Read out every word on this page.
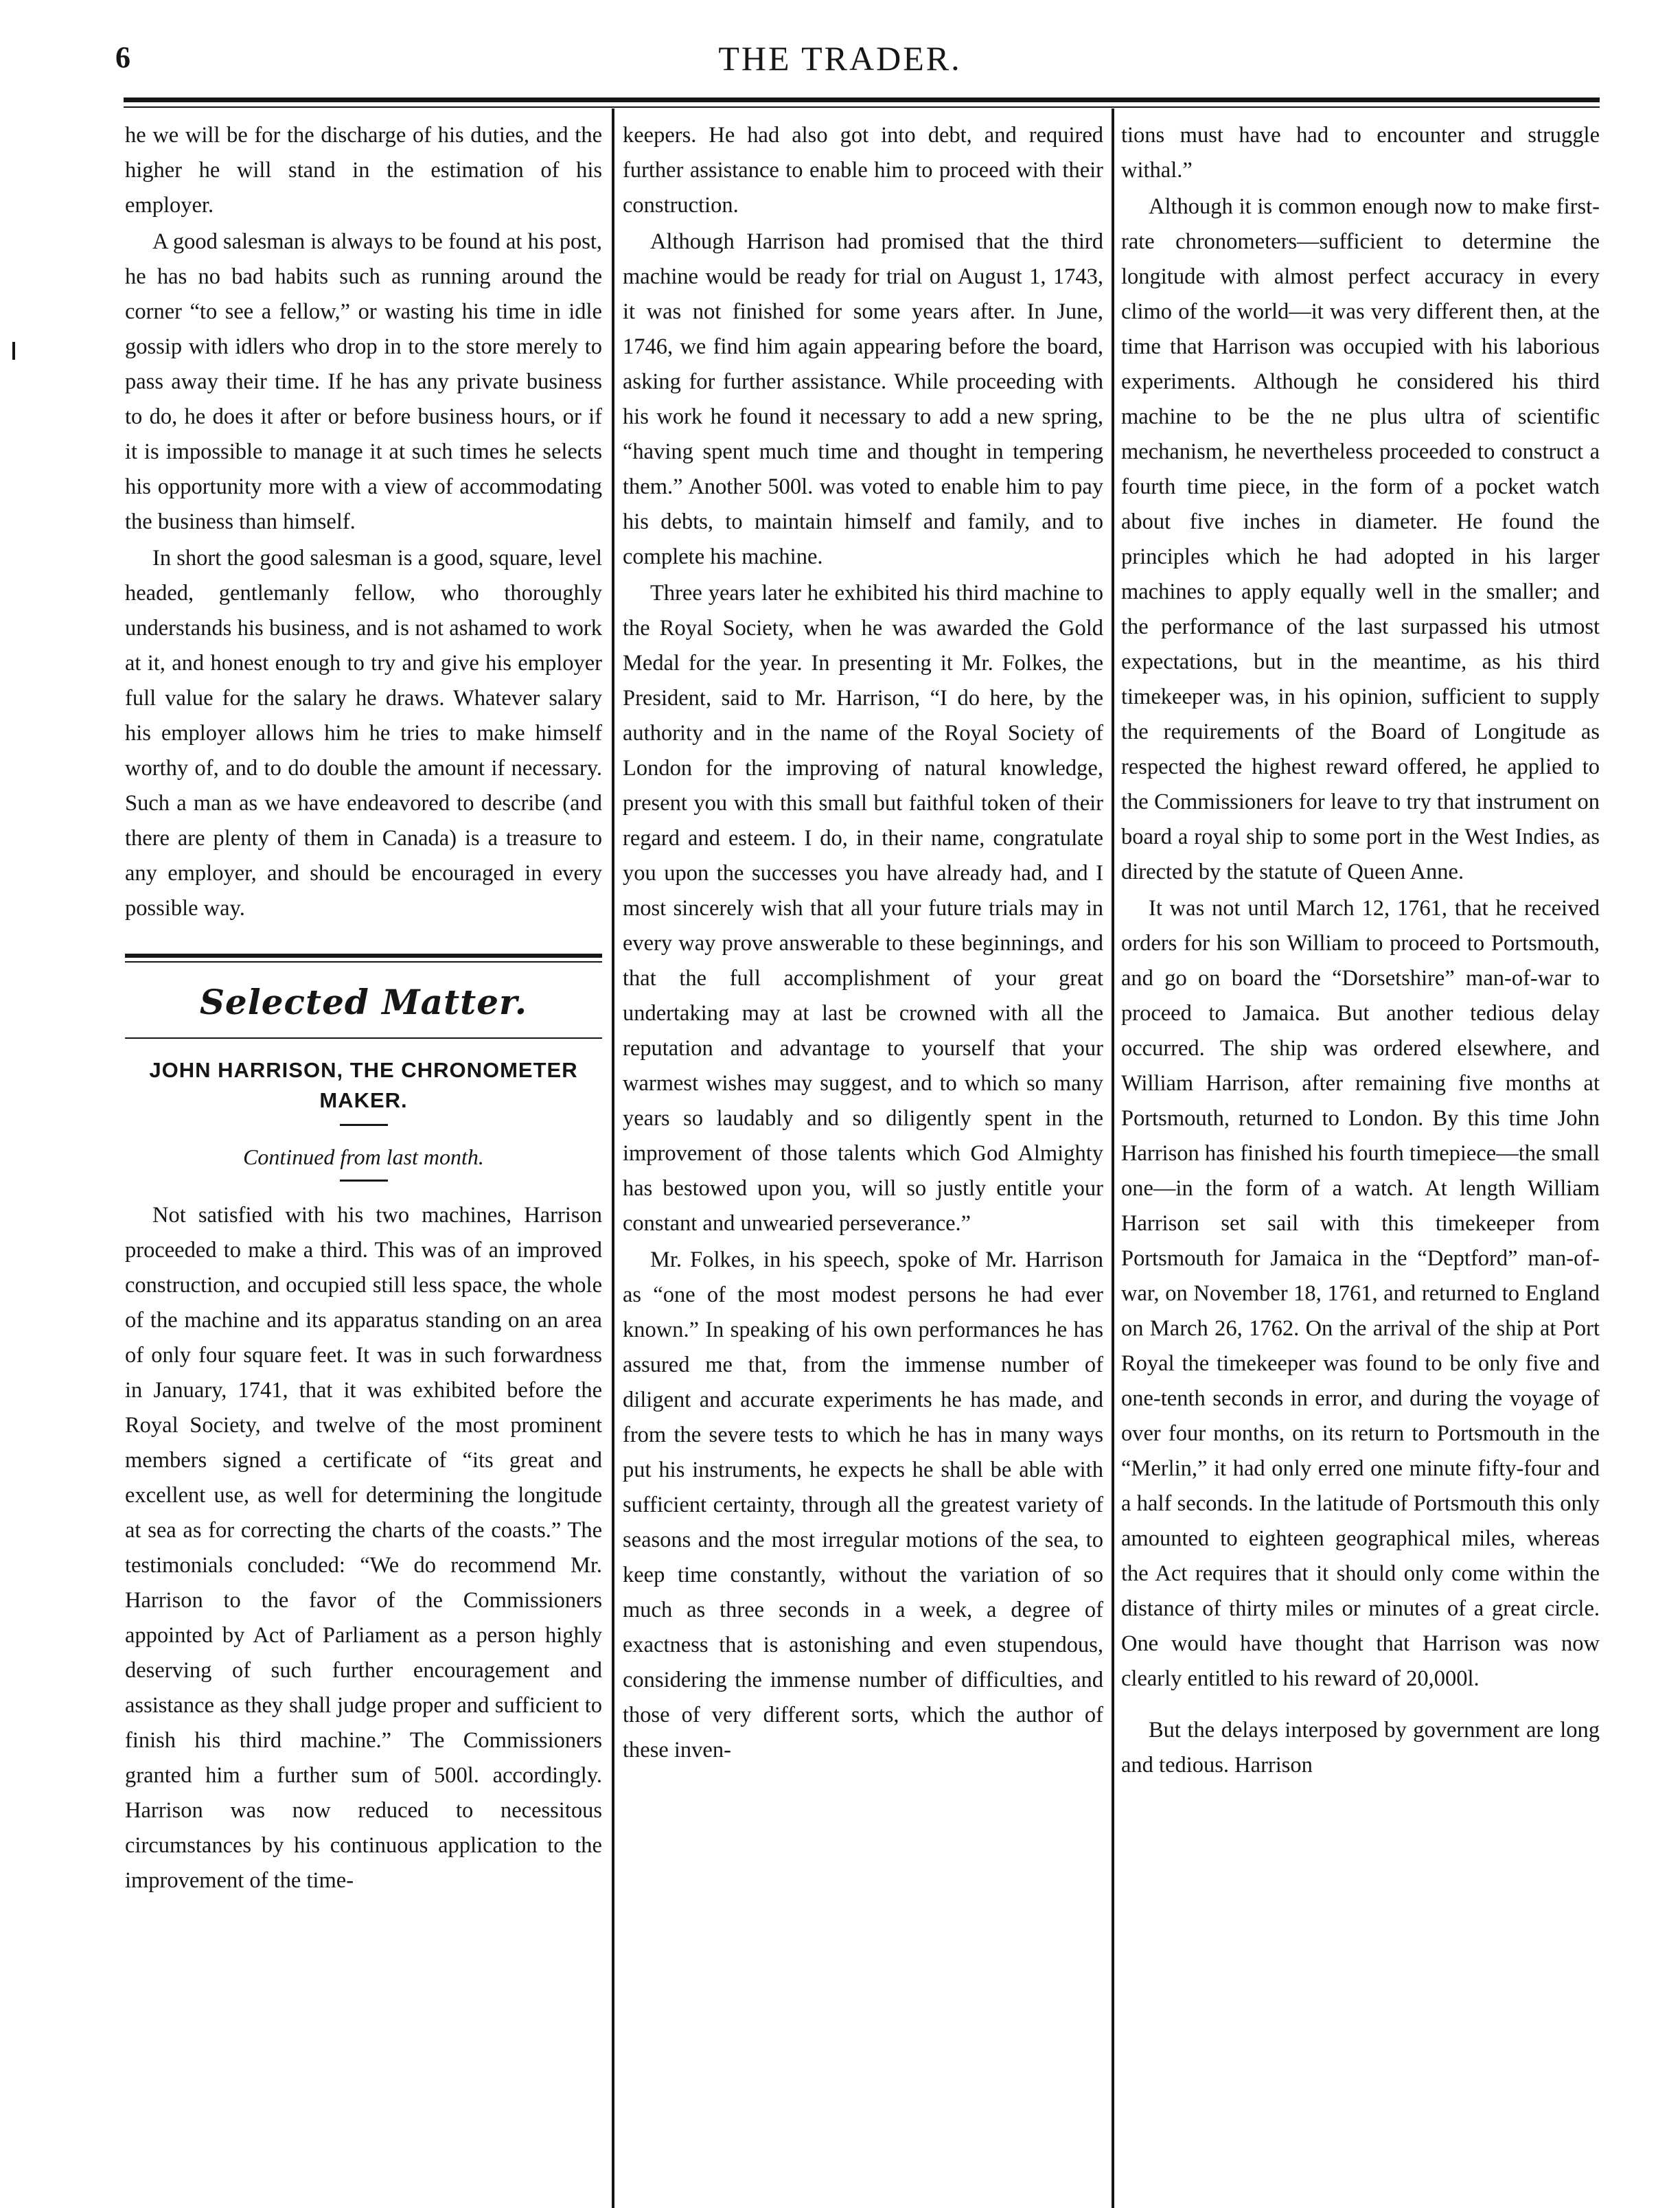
6	THE TRADER.

he we will be for the discharge of his duties, and the higher he will stand in the estimation of his employer.

A good salesman is always to be found at his post, he has no bad habits such as running around the corner “to see a fellow,” or wasting his time in idle gossip with idlers who drop in to the store merely to pass away their time. If he has any private business to do, he does it after or before business hours, or if it is impossible to manage it at such times he selects his opportunity more with a view of accommodating the business than himself.

In short the good salesman is a good, square, level headed, gentlemanly fellow, who thoroughly understands his business, and is not ashamed to work at it, and honest enough to try and give his employer full value for the salary he draws. Whatever salary his employer allows him he tries to make himself worthy of, and to do double the amount if necessary. Such a man as we have endeavored to describe (and there are plenty of them in Canada) is a treasure to any employer, and should be encouraged in every possible way.

Selected Matter.
JOHN HARRISON, THE CHRONOMETER MAKER.
Continued from last month.

Not satisfied with his two machines, Harrison proceeded to make a third. This was of an improved construction, and occupied still less space, the whole of the machine and its apparatus standing on an area of only four square feet. It was in such forwardness in January, 1741, that it was exhibited before the Royal Society, and twelve of the most prominent members signed a certificate of “its great and excellent use, as well for determining the longitude at sea as for correcting the charts of the coasts.” The testimonials concluded: “We do recommend Mr. Harrison to the favor of the Commissioners appointed by Act of Parliament as a person highly deserving of such further encouragement and assistance as they shall judge proper and sufficient to finish his third machine.” The Commissioners granted him a further sum of 500l. accordingly. Harrison was now reduced to necessitous circumstances by his continuous application to the improvement of the time-

keepers. He had also got into debt, and required further assistance to enable him to proceed with their construction.

Although Harrison had promised that the third machine would be ready for trial on August 1, 1743, it was not finished for some years after. In June, 1746, we find him again appearing before the board, asking for further assistance. While proceeding with his work he found it necessary to add a new spring, “having spent much time and thought in tempering them.” Another 500l. was voted to enable him to pay his debts, to maintain himself and family, and to complete his machine.

Three years later he exhibited his third machine to the Royal Society, when he was awarded the Gold Medal for the year. In presenting it Mr. Folkes, the President, said to Mr. Harrison, “I do here, by the authority and in the name of the Royal Society of London for the improving of natural knowledge, present you with this small but faithful token of their regard and esteem. I do, in their name, congratulate you upon the successes you have already had, and I most sincerely wish that all your future trials may in every way prove answerable to these beginnings, and that the full accomplishment of your great undertaking may at last be crowned with all the reputation and advantage to yourself that your warmest wishes may suggest, and to which so many years so laudably and so diligently spent in the improvement of those talents which God Almighty has bestowed upon you, will so justly entitle your constant and unwearied perseverance.”

Mr. Folkes, in his speech, spoke of Mr. Harrison as “one of the most modest persons he had ever known.” In speaking of his own performances he has assured me that, from the immense number of diligent and accurate experiments he has made, and from the severe tests to which he has in many ways put his instruments, he expects he shall be able with sufficient certainty, through all the greatest variety of seasons and the most irregular motions of the sea, to keep time constantly, without the variation of so much as three seconds in a week, a degree of exactness that is astonishing and even stupendous, considering the immense number of difficulties, and those of very different sorts, which the author of these inven-

tions must have had to encounter and struggle withal.”

Although it is common enough now to make first-rate chronometers—sufficient to determine the longitude with almost perfect accuracy in every climo of the world—it was very different then, at the time that Harrison was occupied with his laborious experiments. Although he considered his third machine to be the ne plus ultra of scientific mechanism, he nevertheless proceeded to construct a fourth time piece, in the form of a pocket watch about five inches in diameter. He found the principles which he had adopted in his larger machines to apply equally well in the smaller; and the performance of the last surpassed his utmost expectations, but in the meantime, as his third timekeeper was, in his opinion, sufficient to supply the requirements of the Board of Longitude as respected the highest reward offered, he applied to the Commissioners for leave to try that instrument on board a royal ship to some port in the West Indies, as directed by the statute of Queen Anne.

It was not until March 12, 1761, that he received orders for his son William to proceed to Portsmouth, and go on board the “Dorsetshire” man-of-war to proceed to Jamaica. But another tedious delay occurred. The ship was ordered elsewhere, and William Harrison, after remaining five months at Portsmouth, returned to London. By this time John Harrison has finished his fourth timepiece—the small one—in the form of a watch. At length William Harrison set sail with this timekeeper from Portsmouth for Jamaica in the “Deptford” man-of-war, on November 18, 1761, and returned to England on March 26, 1762. On the arrival of the ship at Port Royal the timekeeper was found to be only five and one-tenth seconds in error, and during the voyage of over four months, on its return to Portsmouth in the “Merlin,” it had only erred one minute fifty-four and a half seconds. In the latitude of Portsmouth this only amounted to eighteen geographical miles, whereas the Act requires that it should only come within the distance of thirty miles or minutes of a great circle. One would have thought that Harrison was now clearly entitled to his reward of 20,000l.

But the delays interposed by government are long and tedious. Harrison
